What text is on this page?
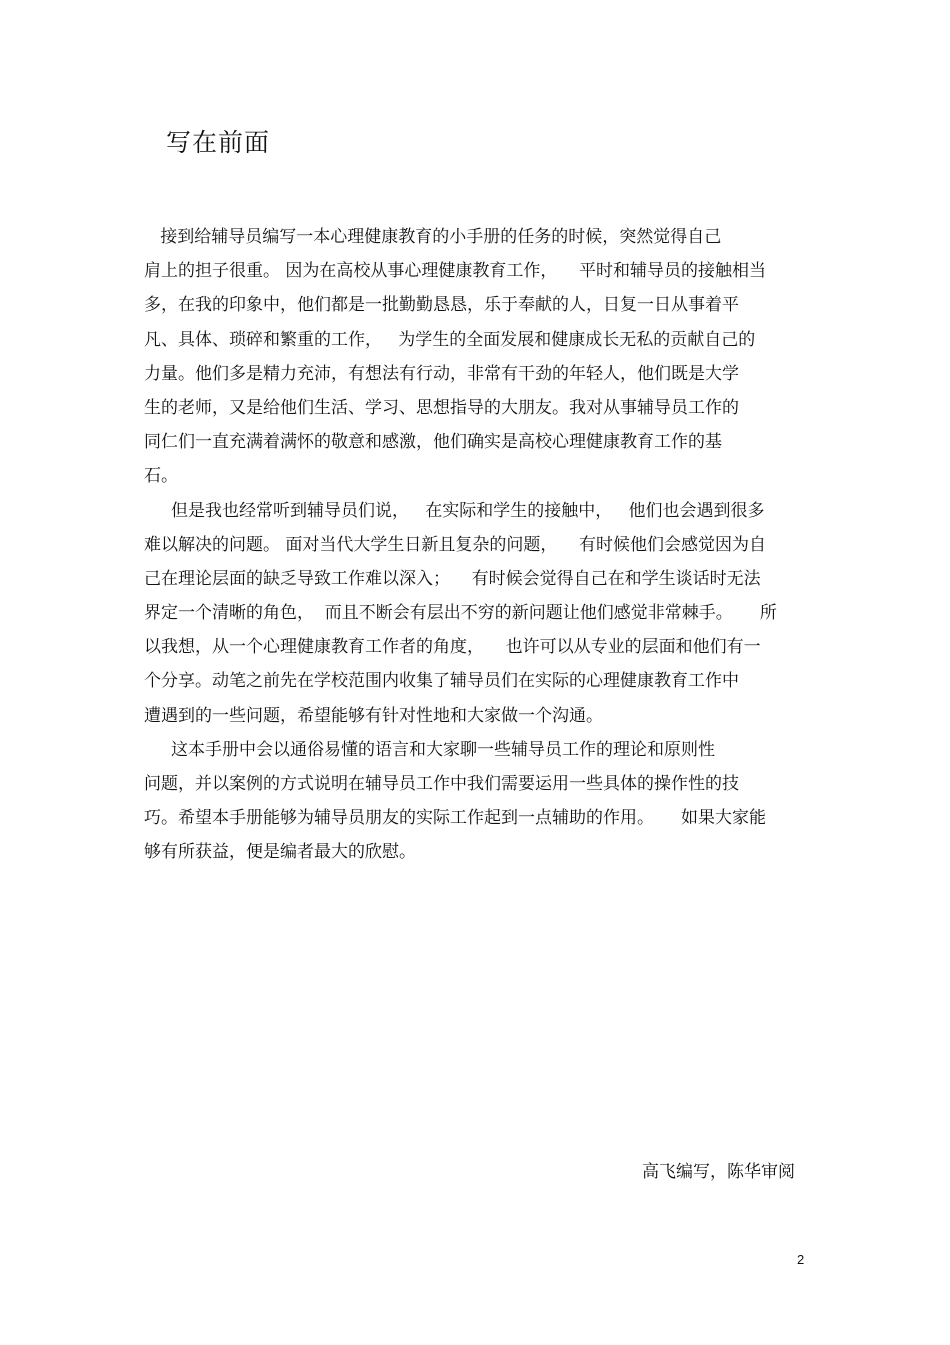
写在前面
接到给辅导员编写一本心理健康教育的小手册的任务的时候，突然觉得自己
肩上的担子很重。 因为在高校从事心理健康教育工作，    平时和辅导员的接触相当
多，在我的印象中，他们都是一批勤勤恳恳，乐于奉献的人，日复一日从事着平
凡、具体、琐碎和繁重的工作，   为学生的全面发展和健康成长无私的贡献自己的
力量。他们多是精力充沛，有想法有行动，非常有干劲的年轻人，他们既是大学
生的老师，又是给他们生活、学习、思想指导的大朋友。我对从事辅导员工作的
同仁们一直充满着满怀的敬意和感激，他们确实是高校心理健康教育工作的基
石。
但是我也经常听到辅导员们说，   在实际和学生的接触中，   他们也会遇到很多
难以解决的问题。 面对当代大学生日新且复杂的问题，    有时候他们会感觉因为自
己在理论层面的缺乏导致工作难以深入；    有时候会觉得自己在和学生谈话时无法
界定一个清晰的角色，  而且不断会有层出不穷的新问题让他们感觉非常棘手。     所
以我想，从一个心理健康教育工作者的角度，    也许可以从专业的层面和他们有一
个分享。动笔之前先在学校范围内收集了辅导员们在实际的心理健康教育工作中
遭遇到的一些问题，希望能够有针对性地和大家做一个沟通。
这本手册中会以通俗易懂的语言和大家聊一些辅导员工作的理论和原则性
问题，并以案例的方式说明在辅导员工作中我们需要运用一些具体的操作性的技
巧。希望本手册能够为辅导员朋友的实际工作起到一点辅助的作用。     如果大家能
够有所获益，便是编者最大的欣慰。
高飞编写，陈华审阅
2
